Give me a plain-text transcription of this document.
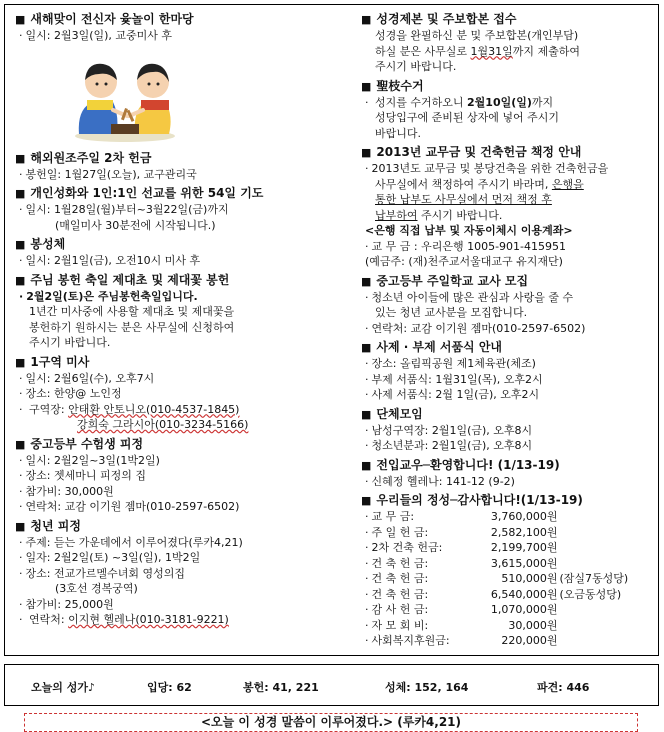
■ 새해맞이 전신자 윷놀이 한마당
· 일시: 2월3일(일), 교중미사 후
■ 해외원조주일 2차 헌금
· 봉헌일: 1월27일(오늘), 교구관리국
■ 개인성화와 1인:1인 선교를 위한 54일 기도
· 일시: 1월28일(월)부터~3월22일(금)까지
(매일미사 30분전에 시작됩니다.)
■ 봉성체
· 일시: 2월1일(금), 오전10시 미사 후
■ 주님 봉헌 축일 제대초 및 제대꽃 봉헌
· 2월2일(토)은 주님봉헌축일입니다.
1년간 미사중에 사용할 제대초 및 제대꽃을
봉헌하기 원하시는 분은 사무실에 신청하여
주시기 바랍니다.
■ 1구역 미사
· 일시: 2월6일(수), 오후7시
· 장소: 한양@ 노인정
· 구역장: 안태환 안토니오(010-4537-1845)
강희숙 그라시아(010-3234-5166)
■ 중고등부 수험생 피정
· 일시: 2월2일~3일(1박2일)
· 장소: 젯세마니 피정의 집
· 참가비: 30,000원
· 연락처: 교감 이기원 젬마(010-2597-6502)
■ 청년 피정
· 주제: 듣는 가운데에서 이루어졌다(루카4,21)
· 일자: 2월2일(토) ~3일(일), 1박2일
· 장소: 전교가르멜수녀회 영성의집
(3호선 경복궁역)
· 참가비: 25,000원
· 연락처: 이지현 헬레나(010-3181-9221)
■ 성경제본 및 주보합본 접수
성경을 완필하신 분 및 주보합본(개인부담)
하실 분은 사무실로 1월31일까지 제출하여
주시기 바랍니다.
■ 聖枝수거
· 성지를 수거하오니 2월10일(일)까지
성당입구에 준비된 상자에 넣어 주시기
바랍니다.
■ 2013년 교무금 및 건축헌금 책정 안내
· 2013년도 교무금 및 봉당건축을 위한 건축헌금을
사무실에서 책정하여 주시기 바라며, 은행을
통한 납부도 사무실에서 먼저 책정 후
납부하여 주시기 바랍니다.
<은행 직접 납부 및 자동이체시 이용계좌>
· 교 무 금 : 우리은행 1005-901-415951
(예금주: (재)천주교서울대교구 유지재단)
■ 중고등부 주일학교 교사 모집
· 청소년 아이들에 많은 관심과 사랑을 줄 수
있는 청년 교사분을 모집합니다.
· 연락처: 교감 이기원 젬마(010-2597-6502)
■ 사제 · 부제 서품식 안내
· 장소: 올림픽공원 제1체육관(체조)
· 부제 서품식: 1월31일(목), 오후2시
· 사제 서품식: 2월 1일(금), 오후2시
■ 단체모임
· 남성구역장: 2월1일(금), 오후8시
· 청소년분과: 2월1일(금), 오후8시
■ 전입교우─환영합니다! (1/13-19)
· 신혜정 헬레나: 141-12 (9-2)
■ 우리들의 정성─감사합니다!(1/13-19)
· 교 무 금:	3,760,000원
· 주 일 헌 금:	2,582,100원
· 2차 건축 헌금:	2,199,700원
· 건 축 헌 금:	3,615,000원
· 건 축 헌 금:	510,000원 (잠실7동성당)
· 건 축 헌 금:	6,540,000원 (오금동성당)
· 감 사 헌 금:	1,070,000원
· 자 모 회 비:	30,000원
· 사회복지후원금:	220,000원
오늘의 성가♪	입당: 62	봉헌: 41, 221	성체: 152, 164	파견: 446
<오늘 이 성경 말씀이 이루어졌다.> (루카4,21)
